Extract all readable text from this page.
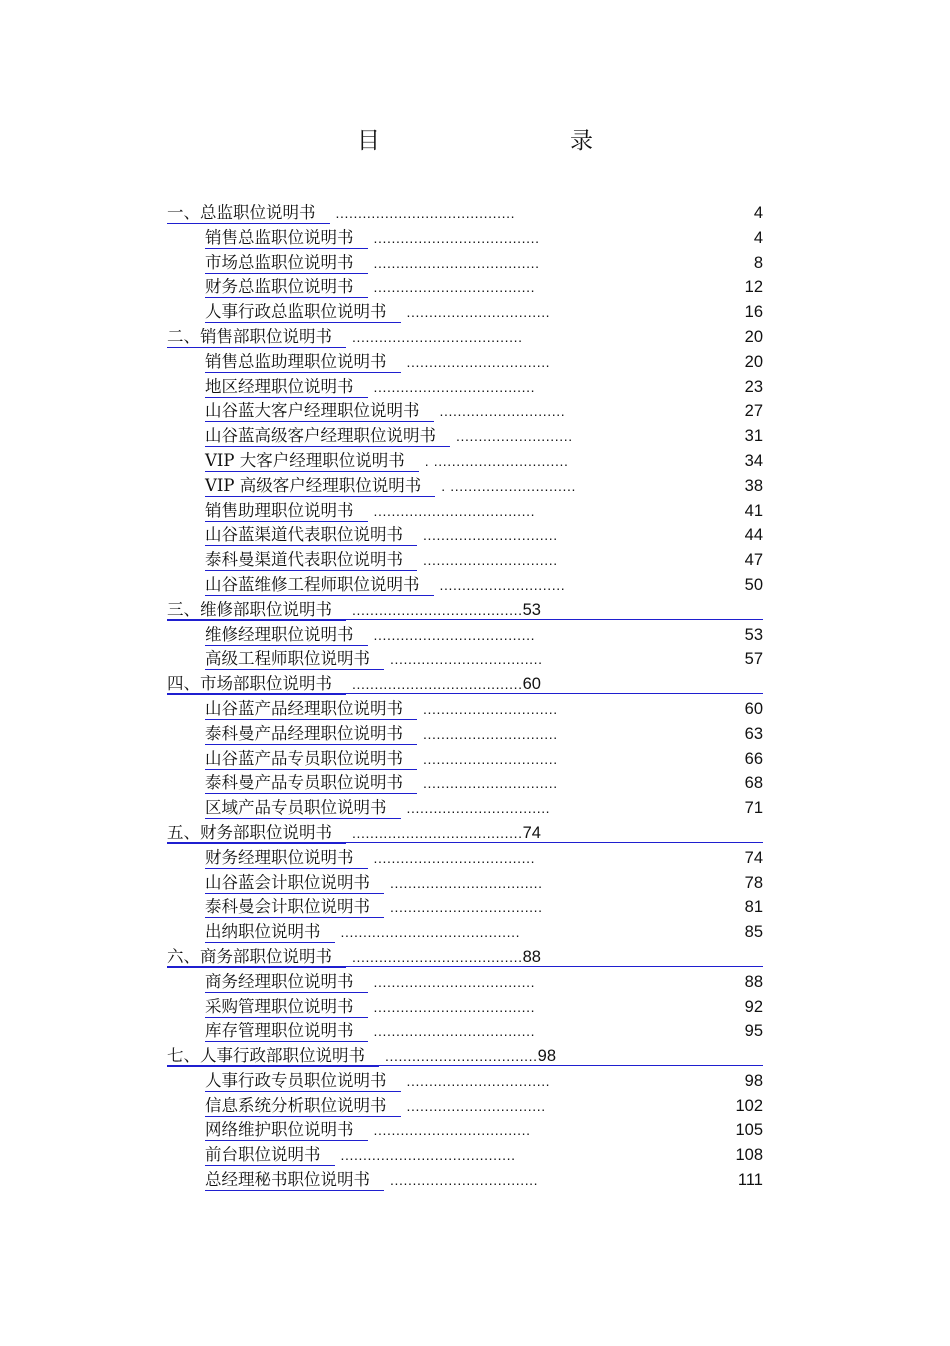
目　　录
一、总监职位说明书 ........................................	4
销售总监职位说明书 .....................................	4
市场总监职位说明书 .....................................	8
财务总监职位说明书 ....................................	12
人事行政总监职位说明书 ................................	16
二、销售部职位说明书 ......................................	20
销售总监助理职位说明书 ................................	20
地区经理职位说明书 ....................................	23
山谷蓝大客户经理职位说明书 ............................	27
山谷蓝高级客户经理职位说明书 ..........................	31
VIP 大客户经理职位说明书 . ..............................	34
VIP 高级客户经理职位说明书 . ............................	38
销售助理职位说明书 ....................................	41
山谷蓝渠道代表职位说明书 ..............................	44
泰科曼渠道代表职位说明书 ..............................	47
山谷蓝维修工程师职位说明书 ............................	50
三、维修部职位说明书 ......................................53
维修经理职位说明书 ....................................	53
高级工程师职位说明书 ..................................	57
四、市场部职位说明书 ......................................60
山谷蓝产品经理职位说明书 ..............................	60
泰科曼产品经理职位说明书 ..............................	63
山谷蓝产品专员职位说明书 ..............................	66
泰科曼产品专员职位说明书 ..............................	68
区域产品专员职位说明书 ................................	71
五、财务部职位说明书 ......................................74
财务经理职位说明书 ....................................	74
山谷蓝会计职位说明书 ..................................	78
泰科曼会计职位说明书 ..................................	81
出纳职位说明书 ........................................	85
六、商务部职位说明书 ......................................88
商务经理职位说明书 ....................................	88
采购管理职位说明书 ....................................	92
库存管理职位说明书 ....................................	95
七、人事行政部职位说明书 ..................................98
人事行政专员职位说明书 ................................	98
信息系统分析职位说明书 ...............................	102
网络维护职位说明书 ...................................	105
前台职位说明书 .......................................	108
总经理秘书职位说明书 .................................	111
